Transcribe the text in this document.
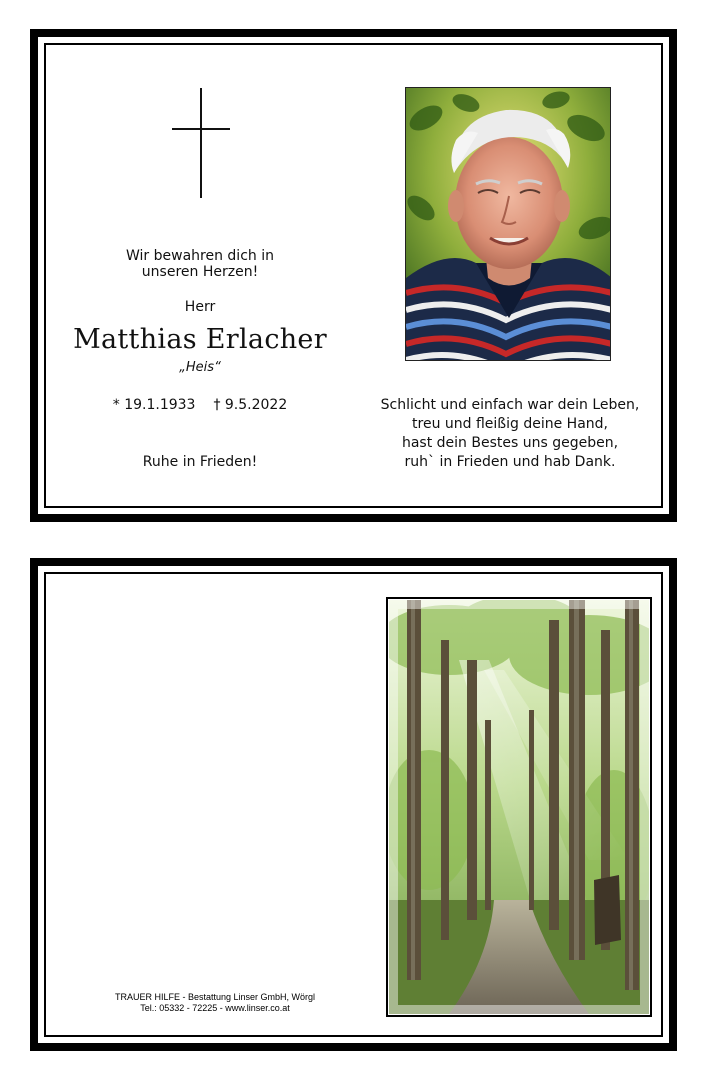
Wir bewahren dich in
unseren Herzen!
Herr
Matthias Erlacher
„Heis“
* 19.1.1933 † 9.5.2022
Ruhe in Frieden!
Schlicht und einfach war dein Leben,
treu und fleißig deine Hand,
hast dein Bestes uns gegeben,
ruh` in Frieden und hab Dank.
TRAUER HILFE - Bestattung Linser GmbH, Wörgl
Tel.: 05332 - 72225 - www.linser.co.at
